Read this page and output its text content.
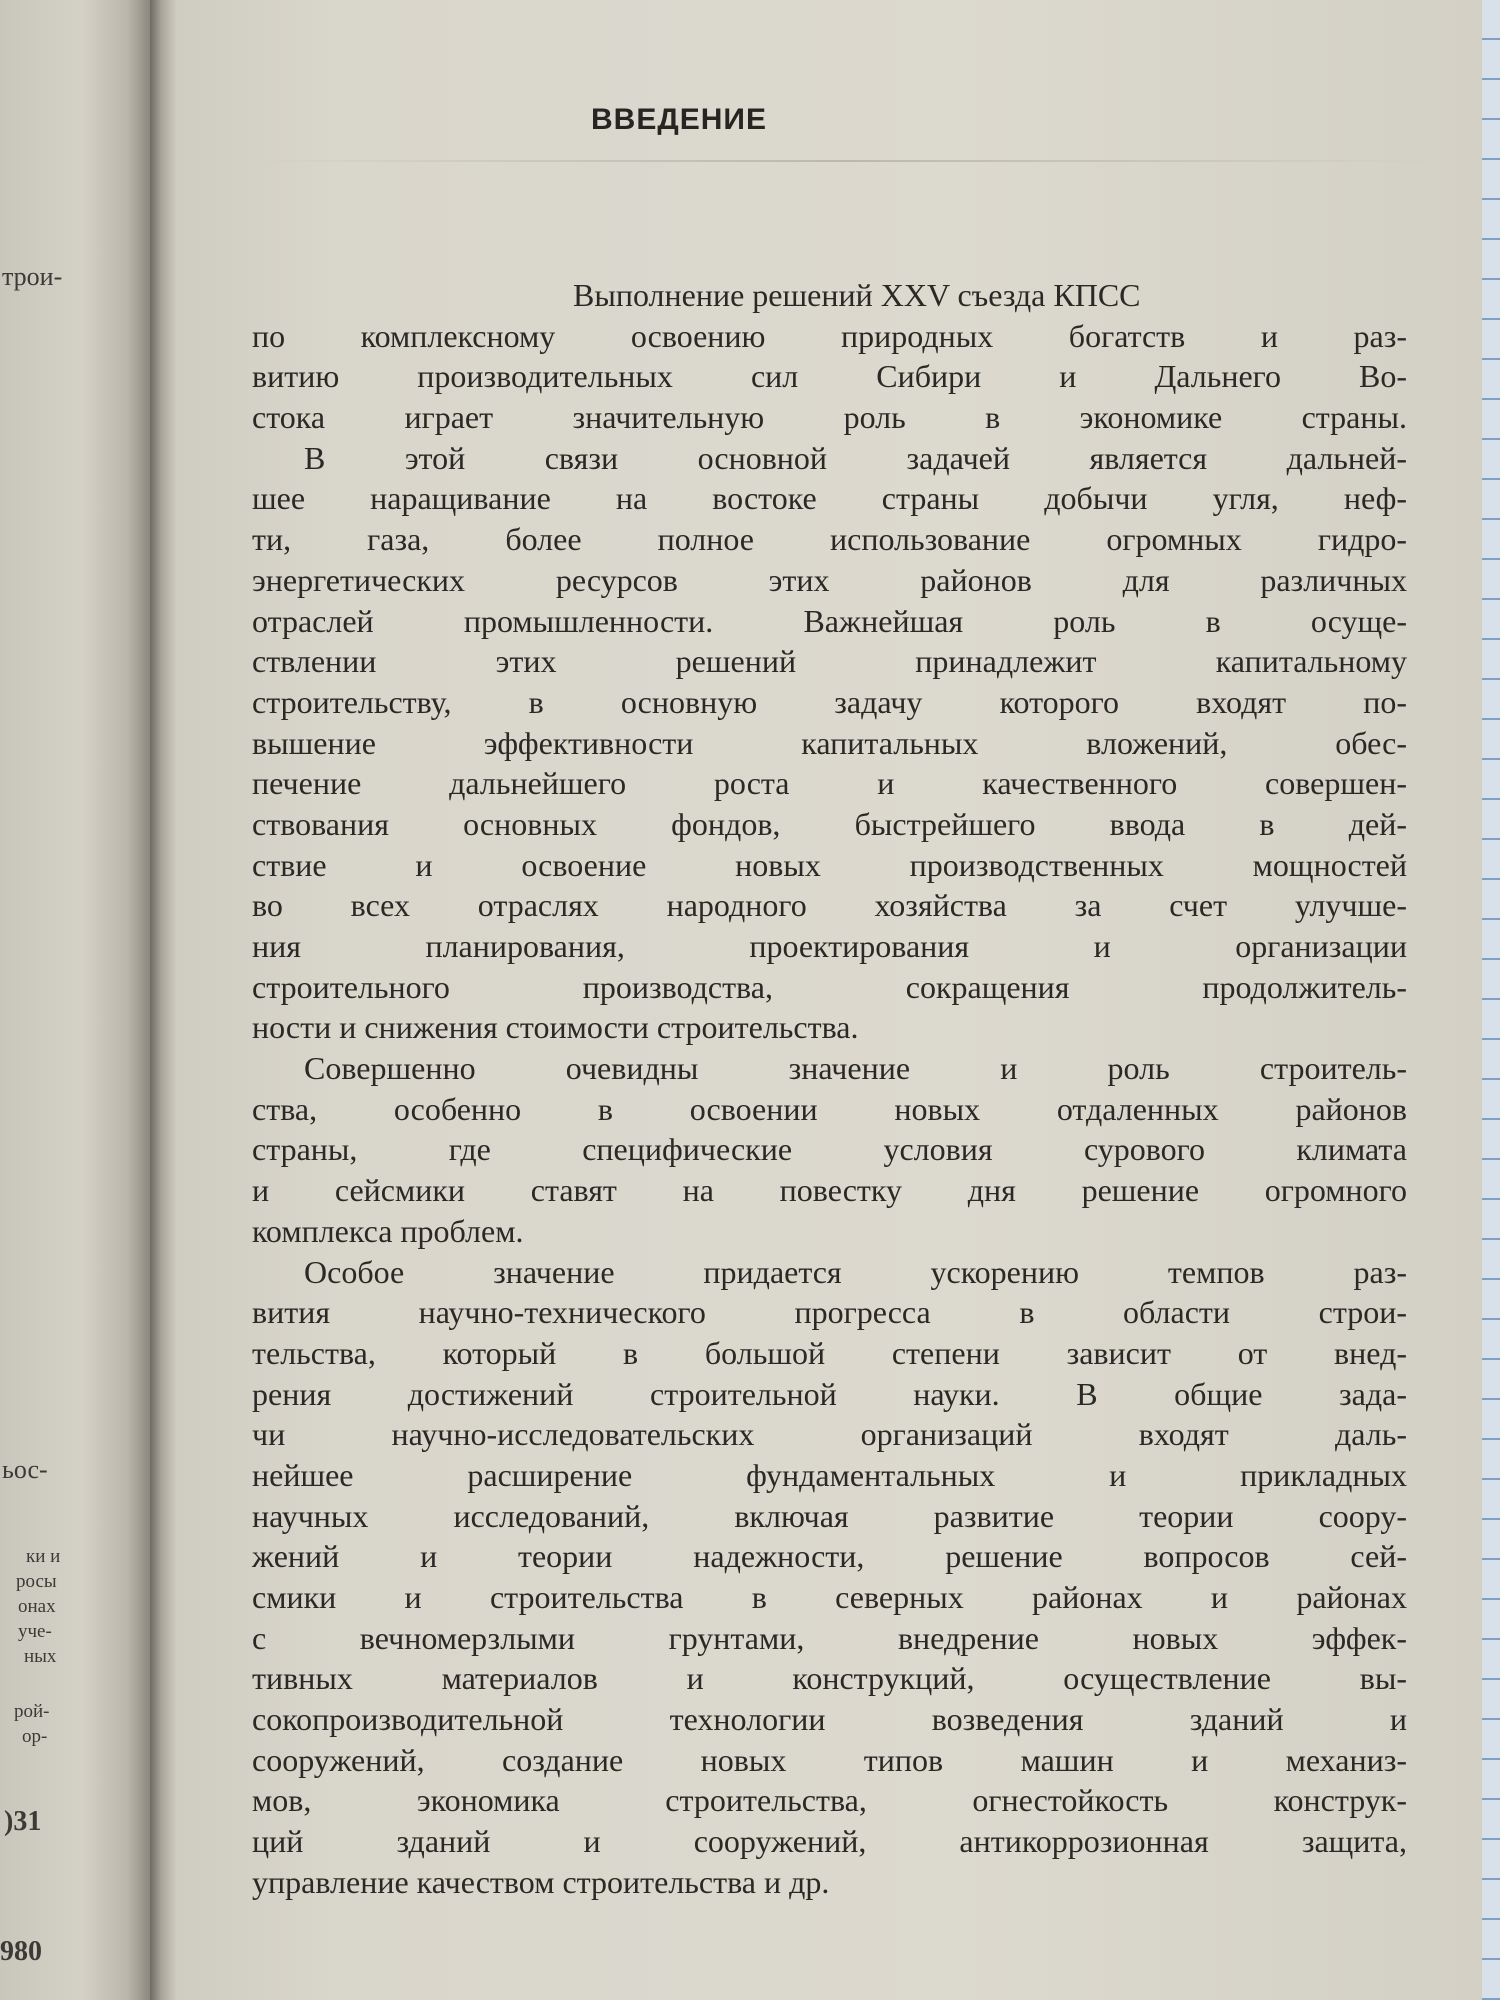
трои-
ьос-
ки и
росы
онах
уче-
ных
рой-
ор-
)31
980
ВВЕДЕНИЕ
Выполнение решений XXV съезда КПСС
по комплексному освоению природных богатств и раз-
витию производительных сил Сибири и Дальнего Во-
стока играет значительную роль в экономике страны.
В этой связи основной задачей является дальней-
шее наращивание на востоке страны добычи угля, неф-
ти, газа, более полное использование огромных гидро-
энергетических ресурсов этих районов для различных
отраслей промышленности. Важнейшая роль в осуще-
ствлении этих решений принадлежит капитальному
строительству, в основную задачу которого входят по-
вышение эффективности капитальных вложений, обес-
печение дальнейшего роста и качественного совершен-
ствования основных фондов, быстрейшего ввода в дей-
ствие и освоение новых производственных мощностей
во всех отраслях народного хозяйства за счет улучше-
ния планирования, проектирования и организации
строительного производства, сокращения продолжитель-
ности и снижения стоимости строительства.
Совершенно очевидны значение и роль строитель-
ства, особенно в освоении новых отдаленных районов
страны, где специфические условия сурового климата
и сейсмики ставят на повестку дня решение огромного
комплекса проблем.
Особое значение придается ускорению темпов раз-
вития научно-технического прогресса в области строи-
тельства, который в большой степени зависит от внед-
рения достижений строительной науки. В общие зада-
чи научно-исследовательских организаций входят даль-
нейшее расширение фундаментальных и прикладных
научных исследований, включая развитие теории соору-
жений и теории надежности, решение вопросов сей-
смики и строительства в северных районах и районах
с вечномерзлыми грунтами, внедрение новых эффек-
тивных материалов и конструкций, осуществление вы-
сокопроизводительной технологии возведения зданий и
сооружений, создание новых типов машин и механиз-
мов, экономика строительства, огнестойкость конструк-
ций зданий и сооружений, антикоррозионная защита,
управление качеством строительства и др.
